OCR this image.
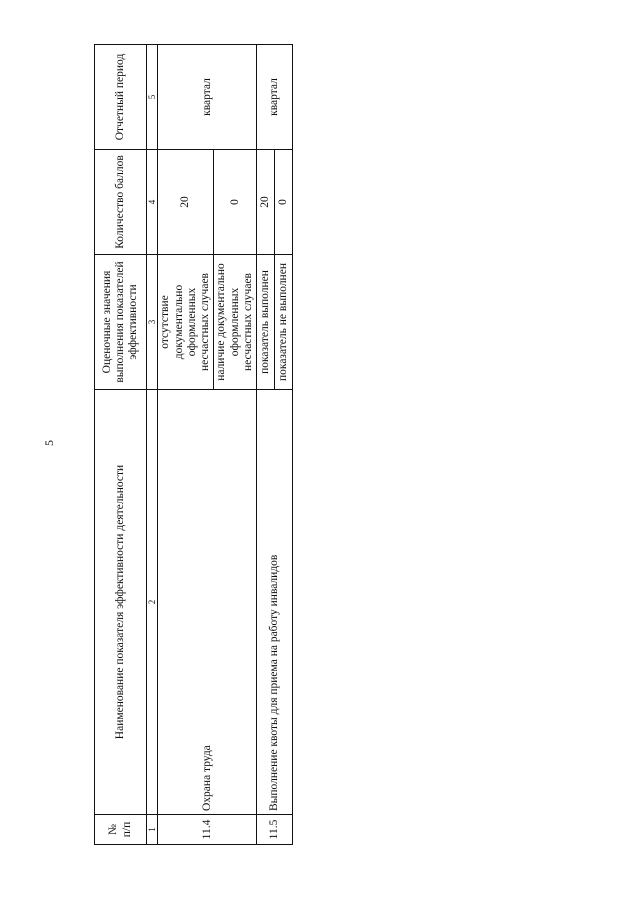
5
№ п/п	Наименование показателя эффективности деятельности	Оценочные значения выполнения показателей эффективности	Количество баллов	Отчетный период
1	2	3	4	5
11.4	Охрана труда	отсутствие документально оформленных несчастных случаев	20	квартал
		наличие документально оформленных несчастных случаев	0	
11.5	Выполнение квоты для приема на работу инвалидов	показатель выполнен	20	квартал
		показатель не выполнен	0	
